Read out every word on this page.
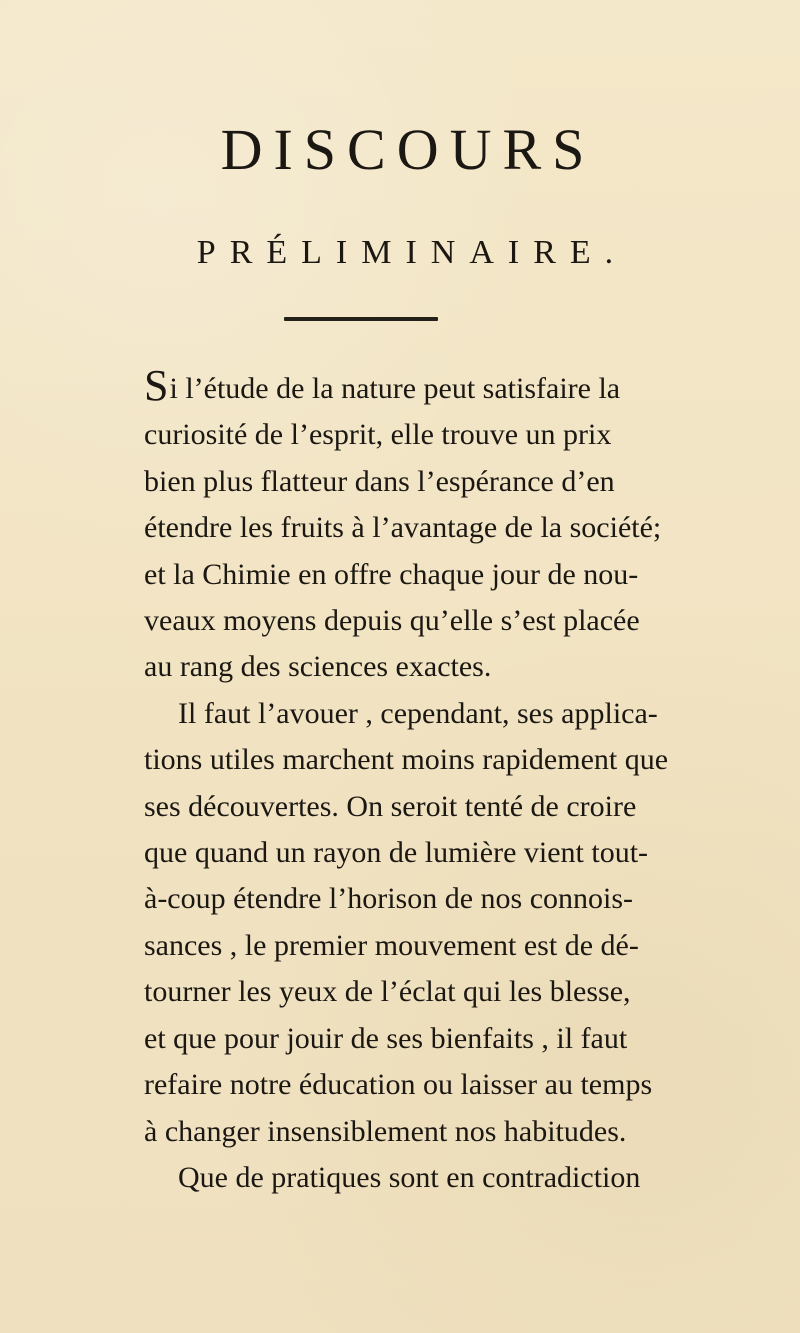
DISCOURS
PRÉLIMINAIRE.
Si l’étude de la nature peut satisfaire la
curiosité de l’esprit, elle trouve un prix
bien plus flatteur dans l’espérance d’en
étendre les fruits à l’avantage de la société;
et la Chimie en offre chaque jour de nou-
veaux moyens depuis qu’elle s’est placée
au rang des sciences exactes.
Il faut l’avouer , cependant, ses applica-
tions utiles marchent moins rapidement que
ses découvertes. On seroit tenté de croire
que quand un rayon de lumière vient tout-
à-coup étendre l’horison de nos connois-
sances , le premier mouvement est de dé-
tourner les yeux de l’éclat qui les blesse,
et que pour jouir de ses bienfaits , il faut
refaire notre éducation ou laisser au temps
à changer insensiblement nos habitudes.
Que de pratiques sont en contradiction
